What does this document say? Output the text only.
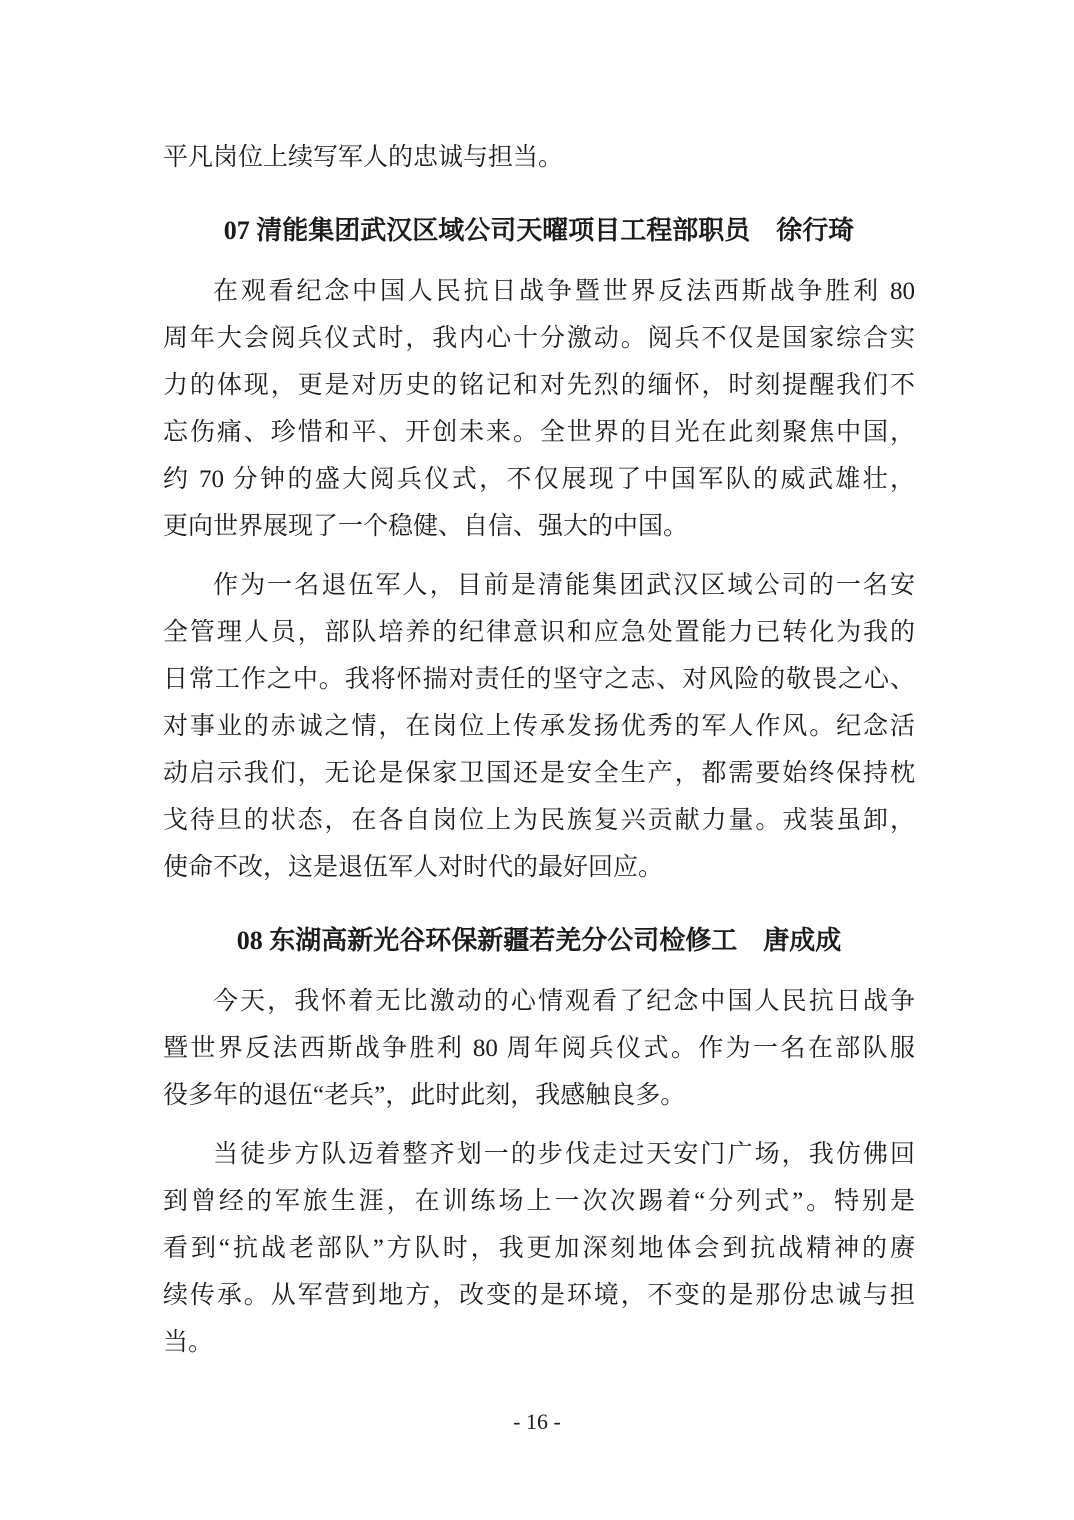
平凡岗位上续写军人的忠诚与担当。
07 清能集团武汉区域公司天曜项目工程部职员　徐行琦
在观看纪念中国人民抗日战争暨世界反法西斯战争胜利 80
周年大会阅兵仪式时，我内心十分激动。阅兵不仅是国家综合实
力的体现，更是对历史的铭记和对先烈的缅怀，时刻提醒我们不
忘伤痛、珍惜和平、开创未来。全世界的目光在此刻聚焦中国，
约 70 分钟的盛大阅兵仪式，不仅展现了中国军队的威武雄壮，
更向世界展现了一个稳健、自信、强大的中国。
作为一名退伍军人，目前是清能集团武汉区域公司的一名安
全管理人员，部队培养的纪律意识和应急处置能力已转化为我的
日常工作之中。我将怀揣对责任的坚守之志、对风险的敬畏之心、
对事业的赤诚之情，在岗位上传承发扬优秀的军人作风。纪念活
动启示我们，无论是保家卫国还是安全生产，都需要始终保持枕
戈待旦的状态，在各自岗位上为民族复兴贡献力量。戎装虽卸，
使命不改，这是退伍军人对时代的最好回应。
08 东湖高新光谷环保新疆若羌分公司检修工　唐成成
今天，我怀着无比激动的心情观看了纪念中国人民抗日战争
暨世界反法西斯战争胜利 80 周年阅兵仪式。作为一名在部队服
役多年的退伍“老兵”，此时此刻，我感触良多。
当徒步方队迈着整齐划一的步伐走过天安门广场，我仿佛回
到曾经的军旅生涯，在训练场上一次次踢着“分列式”。特别是
看到“抗战老部队”方队时，我更加深刻地体会到抗战精神的赓
续传承。从军营到地方，改变的是环境，不变的是那份忠诚与担
当。
- 16 -
